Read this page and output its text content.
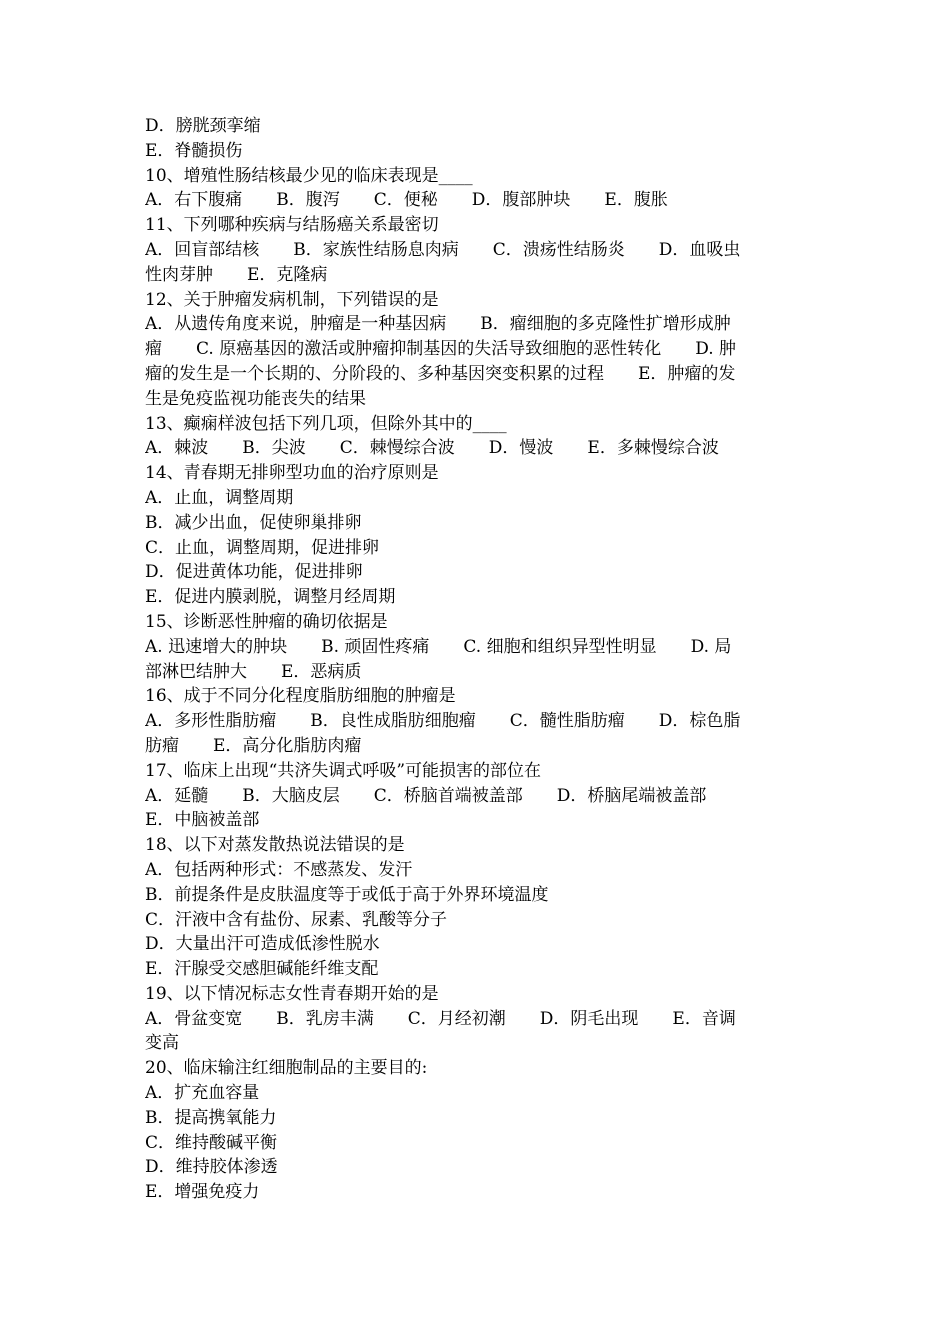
D．膀胱颈挛缩
E．脊髓损伤
10、增殖性肠结核最少见的临床表现是____
A．右下腹痛　　B．腹泻　　C．便秘　　D．腹部肿块　　E．腹胀
11、下列哪种疾病与结肠癌关系最密切
A．回盲部结核　　B．家族性结肠息肉病　　C．溃疡性结肠炎　　D．血吸虫
性肉芽肿　　E．克隆病
12、关于肿瘤发病机制，下列错误的是
A．从遗传角度来说，肿瘤是一种基因病　　B．瘤细胞的多克隆性扩增形成肿
瘤　　C. 原癌基因的激活或肿瘤抑制基因的失活导致细胞的恶性转化　　D. 肿
瘤的发生是一个长期的、分阶段的、多种基因突变积累的过程　　E．肿瘤的发
生是免疫监视功能丧失的结果
13、癫痫样波包括下列几项，但除外其中的____
A．棘波　　B．尖波　　C．棘慢综合波　　D．慢波　　E．多棘慢综合波
14、青春期无排卵型功血的治疗原则是
A．止血，调整周期
B．减少出血，促使卵巢排卵
C．止血，调整周期，促进排卵
D．促进黄体功能，促进排卵
E．促进内膜剥脱，调整月经周期
15、诊断恶性肿瘤的确切依据是
A. 迅速增大的肿块　　B. 顽固性疼痛　　C. 细胞和组织异型性明显　　D. 局
部淋巴结肿大　　E．恶病质
16、成于不同分化程度脂肪细胞的肿瘤是
A．多形性脂肪瘤　　B．良性成脂肪细胞瘤　　C．髓性脂肪瘤　　D．棕色脂
肪瘤　　E．高分化脂肪肉瘤
17、临床上出现“共济失调式呼吸”可能损害的部位在
A．延髓　　B．大脑皮层　　C．桥脑首端被盖部　　D．桥脑尾端被盖部
E．中脑被盖部
18、以下对蒸发散热说法错误的是
A．包括两种形式：不感蒸发、发汗
B．前提条件是皮肤温度等于或低于高于外界环境温度
C．汗液中含有盐份、尿素、乳酸等分子
D．大量出汗可造成低渗性脱水
E．汗腺受交感胆碱能纤维支配
19、以下情况标志女性青春期开始的是
A．骨盆变宽　　B．乳房丰满　　C．月经初潮　　D．阴毛出现　　E．音调
变高
20、临床输注红细胞制品的主要目的:
A．扩充血容量
B．提高携氧能力
C．维持酸碱平衡
D．维持胶体渗透
E．增强免疫力
